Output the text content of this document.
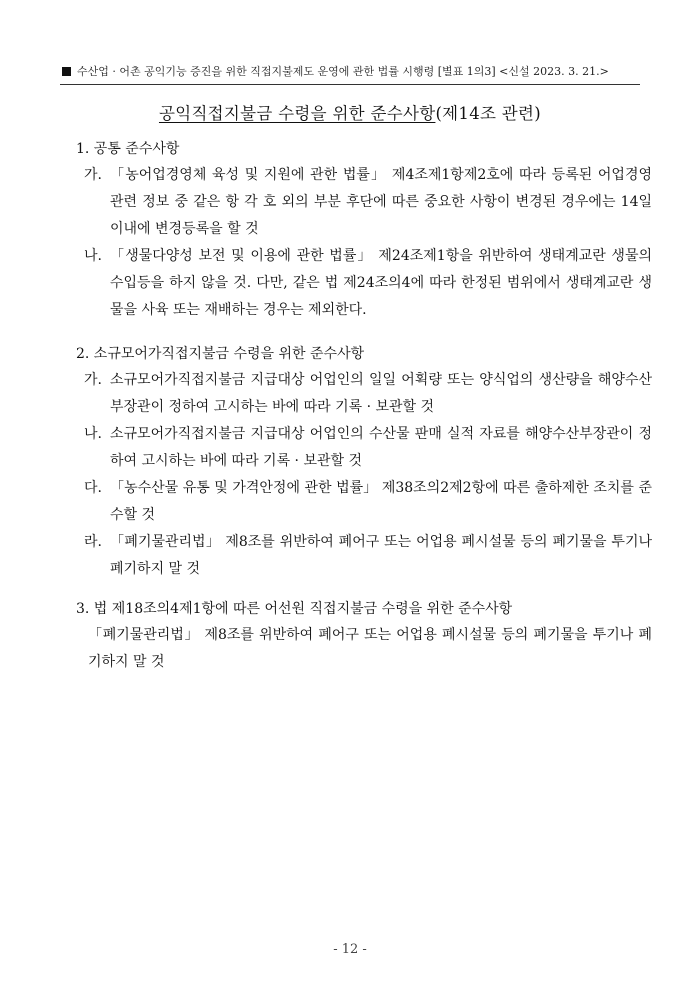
수산업 · 어촌 공익기능 증진을 위한 직접지불제도 운영에 관한 법률 시행령 [별표 1의3] <신설 2023. 3. 21.>
공익직접지불금 수령을 위한 준수사항(제14조 관련)
1. 공통 준수사항
가. 「농어업경영체 육성 및 지원에 관한 법률」 제4조제1항제2호에 따라 등록된 어업경영 관련 정보 중 같은 항 각 호 외의 부분 후단에 따른 중요한 사항이 변경된 경우에는 14일 이내에 변경등록을 할 것
나. 「생물다양성 보전 및 이용에 관한 법률」 제24조제1항을 위반하여 생태계교란 생물의 수입등을 하지 않을 것. 다만, 같은 법 제24조의4에 따라 한정된 범위에서 생태계교란 생물을 사육 또는 재배하는 경우는 제외한다.
2. 소규모어가직접지불금 수령을 위한 준수사항
가. 소규모어가직접지불금 지급대상 어업인의 일일 어획량 또는 양식업의 생산량을 해양수산부장관이 정하여 고시하는 바에 따라 기록 · 보관할 것
나. 소규모어가직접지불금 지급대상 어업인의 수산물 판매 실적 자료를 해양수산부장관이 정하여 고시하는 바에 따라 기록 · 보관할 것
다. 「농수산물 유통 및 가격안정에 관한 법률」 제38조의2제2항에 따른 출하제한 조치를 준수할 것
라. 「폐기물관리법」 제8조를 위반하여 폐어구 또는 어업용 폐시설물 등의 폐기물을 투기나 폐기하지 말 것
3. 법 제18조의4제1항에 따른 어선원 직접지불금 수령을 위한 준수사항
「폐기물관리법」 제8조를 위반하여 폐어구 또는 어업용 폐시설물 등의 폐기물을 투기나 폐기하지 말 것
- 12 -
